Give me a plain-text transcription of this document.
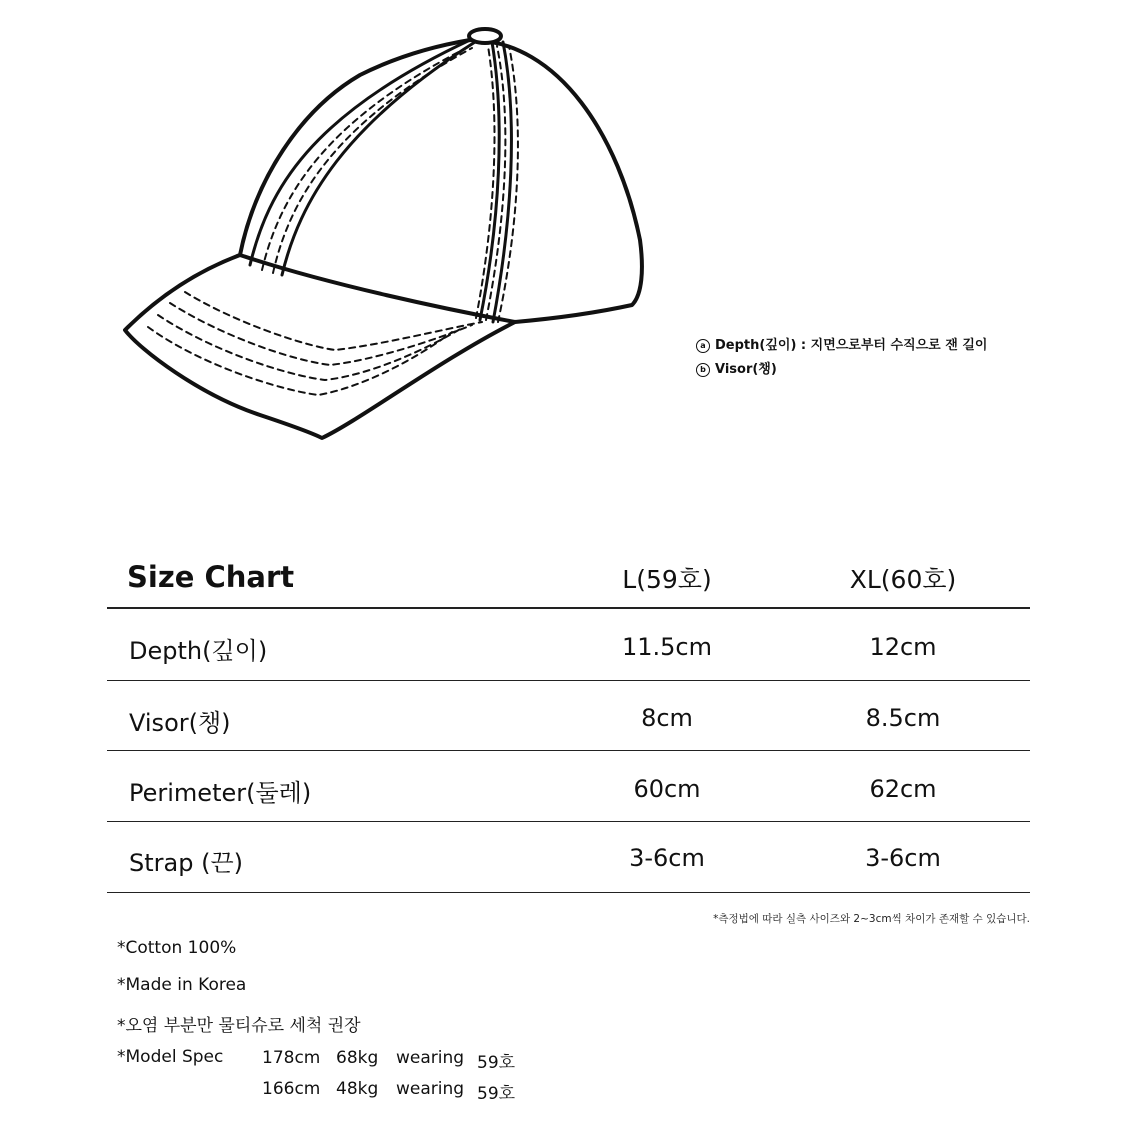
a Depth(깊이) : 지면으로부터 수직으로 잰 길이
b Visor(챙)
Size Chart	L(59호)	XL(60호)
Depth(깊이)	11.5cm	12cm
Visor(챙)	8cm	8.5cm
Perimeter(둘레)	60cm	62cm
Strap (끈)	3-6cm	3-6cm
*측정법에 따라 실측 사이즈와 2~3cm씩 차이가 존재할 수 있습니다.
*Cotton 100%
*Made in Korea
*오염 부분만 물티슈로 세척 권장
*Model Spec 178cm 68kg wearing 59호
166cm 48kg wearing 59호
